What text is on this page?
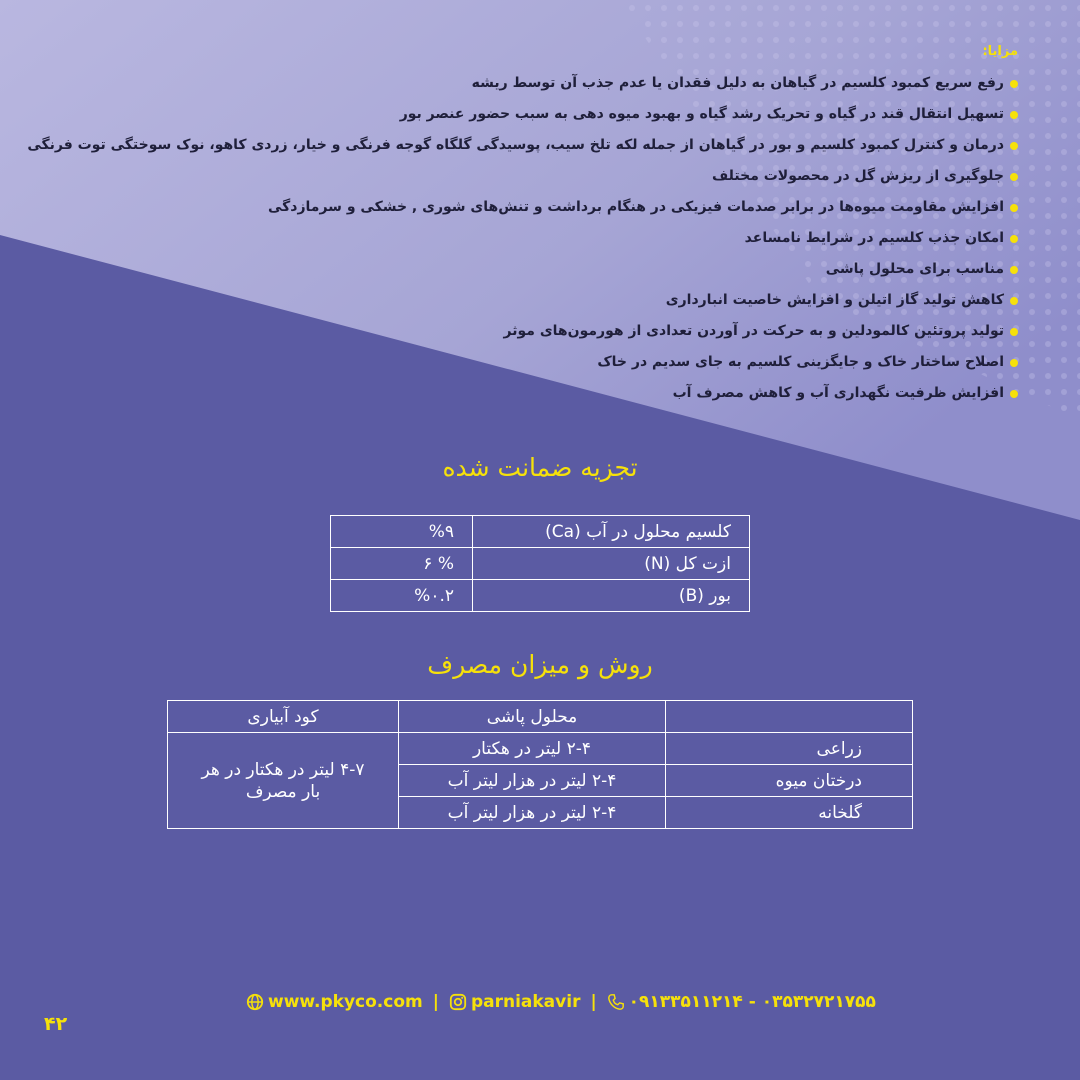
مزایا:
رفع سریع کمبود کلسیم در گیاهان به دلیل فقدان یا عدم جذب آن توسط ریشه
تسهیل انتقال قند در گیاه و تحریک رشد گیاه و بهبود میوه دهی به سبب حضور عنصر بور
درمان و کنترل کمبود کلسیم و بور در گیاهان از جمله لکه تلخ سیب، پوسیدگی گلگاه گوجه فرنگی و خیار، زردی کاهو، نوک سوختگی توت فرنگی
جلوگیری از ریزش گل در محصولات مختلف
افزایش مقاومت میوه‌ها در برابر صدمات فیزیکی در هنگام برداشت و تنش‌های شوری , خشکی و سرمازدگی
امکان جذب کلسیم در شرایط نامساعد
مناسب برای محلول پاشی
کاهش تولید گاز اتیلن و افزایش خاصیت انبارداری
تولید پروتئین کالمودلین و به حرکت در آوردن تعدادی از هورمون‌های موثر
اصلاح ساختار خاک و جایگزینی کلسیم به جای سدیم در خاک
افزایش ظرفیت نگهداری آب و کاهش مصرف آب
تجزیه ضمانت شده
کلسیم محلول در آب (Ca)	%۹
ازت کل (N)	% ۶
بور (B)	%۰.۲
روش و میزان مصرف
	محلول پاشی	کود آبیاری
زراعی	۲-۴ لیتر در هکتار	۴-۷ لیتر در هکتار در هر بار مصرف
درختان میوه	۲-۴ لیتر در هزار لیتر آب	
گلخانه	۲-۴ لیتر در هزار لیتر آب	
www.pkyco.com | parniakavir | ۰۹۱۳۳۵۱۱۲۱۴ - ۰۳۵۳۲۷۲۱۷۵۵
۴۲
